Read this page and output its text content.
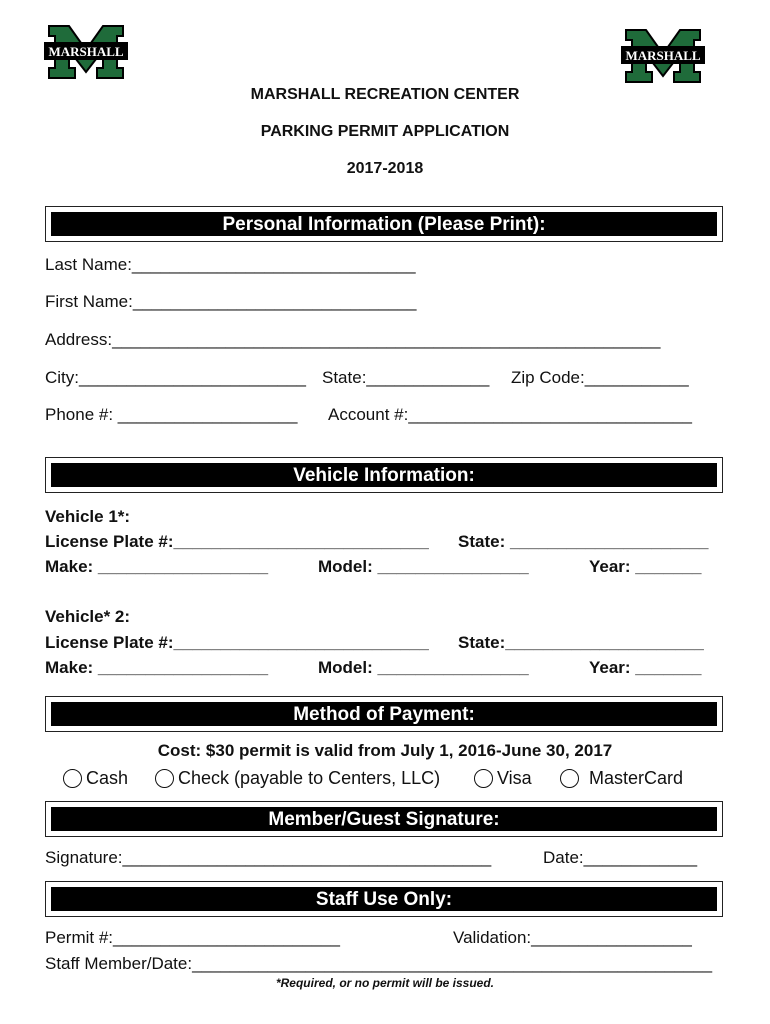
MARSHALL	MARSHALL
MARSHALL RECREATION CENTER
PARKING PERMIT APPLICATION
2017-2018
Personal Information (Please Print):
Last Name:______________________________
First Name:______________________________
Address:__________________________________________________________
City:________________________ State:_____________ Zip Code:___________
Phone #: ___________________ Account #:______________________________
Vehicle Information:
Vehicle 1*:
License Plate #:___________________________ State: _____________________
Make: __________________	Model: ________________	Year: _______
Vehicle* 2:
License Plate #:___________________________ State:_____________________
Make: __________________	Model: ________________	Year: _______
Method of Payment:
Cost: $30 permit is valid from July 1, 2016-June 30, 2017
Cash	Check (payable to Centers, LLC)	Visa	MasterCard
Member/Guest Signature:
Signature:_______________________________________	Date:____________
Staff Use Only:
Permit #:________________________	Validation:_________________
Staff Member/Date:_______________________________________________________
*Required, or no permit will be issued.
